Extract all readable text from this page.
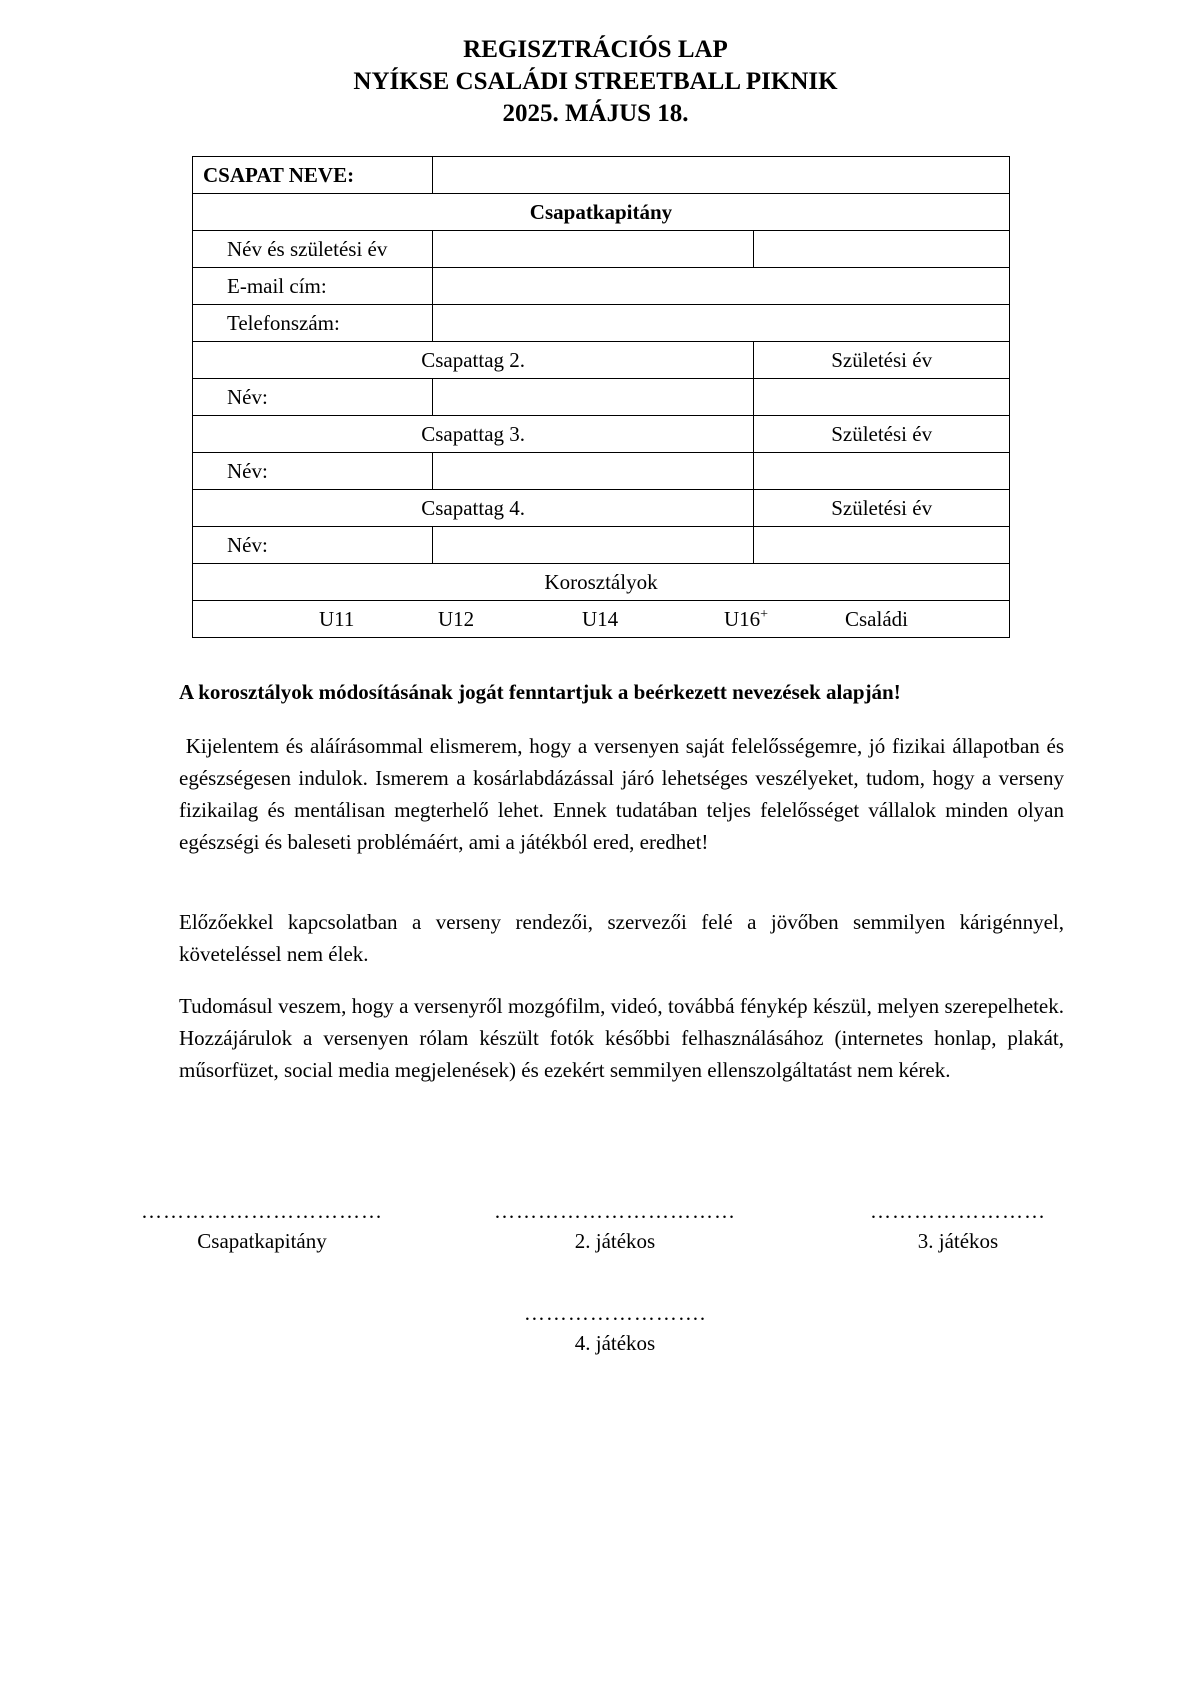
REGISZTRÁCIÓS LAP
NYÍKSE CSALÁDI STREETBALL PIKNIK
2025. MÁJUS 18.
CSAPAT NEVE:		
Csapatkapitány		
Név és születési év		
E-mail cím:		
Telefonszám:		
Csapattag 2.		Születési év
Név:		
Csapattag 3.		Születési év
Név:		
Csapattag 4.		Születési év
Név:		
Korosztályok		

U11 U12 U14 U16+ Családi		
A korosztályok módosításának jogát fenntartjuk a beérkezett nevezések alapján!
Kijelentem és aláírásommal elismerem, hogy a versenyen saját felelősségemre, jó fizikai állapotban és egészségesen indulok. Ismerem a kosárlabdázással járó lehetséges veszélyeket, tudom, hogy a verseny fizikailag és mentálisan megterhelő lehet. Ennek tudatában teljes felelősséget vállalok minden olyan egészségi és baleseti problémáért, ami a játékból ered, eredhet!
Előzőekkel kapcsolatban a verseny rendezői, szervezői felé a jövőben semmilyen kárigénnyel, követeléssel nem élek.
Tudomásul veszem, hogy a versenyről mozgófilm, videó, továbbá fénykép készül, melyen szerepelhetek. Hozzájárulok a versenyen rólam készült fotók későbbi felhasználásához (internetes honlap, plakát, műsorfüzet, social media megjelenések) és ezekért semmilyen ellenszolgáltatást nem kérek.
……………………………
Csapatkapitány
……………………………
2. játékos
……………………
3. játékos
…………………….
4. játékos
